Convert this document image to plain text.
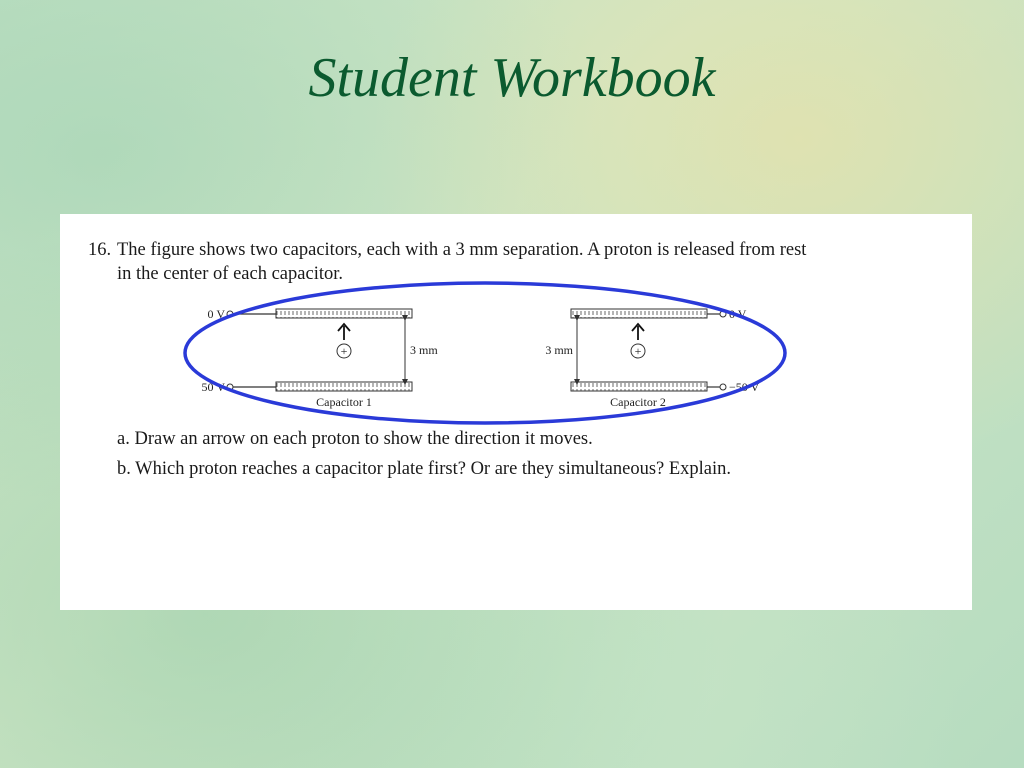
Student Workbook
16. The figure shows two capacitors, each with a 3 mm separation. A proton is released from rest
in the center of each capacitor.
0 V
50 V
3 mm
+
Capacitor 1
0 V
−50 V
3 mm	+
Capacitor 2
a. Draw an arrow on each proton to show the direction it moves.
b. Which proton reaches a capacitor plate first? Or are they simultaneous? Explain.
